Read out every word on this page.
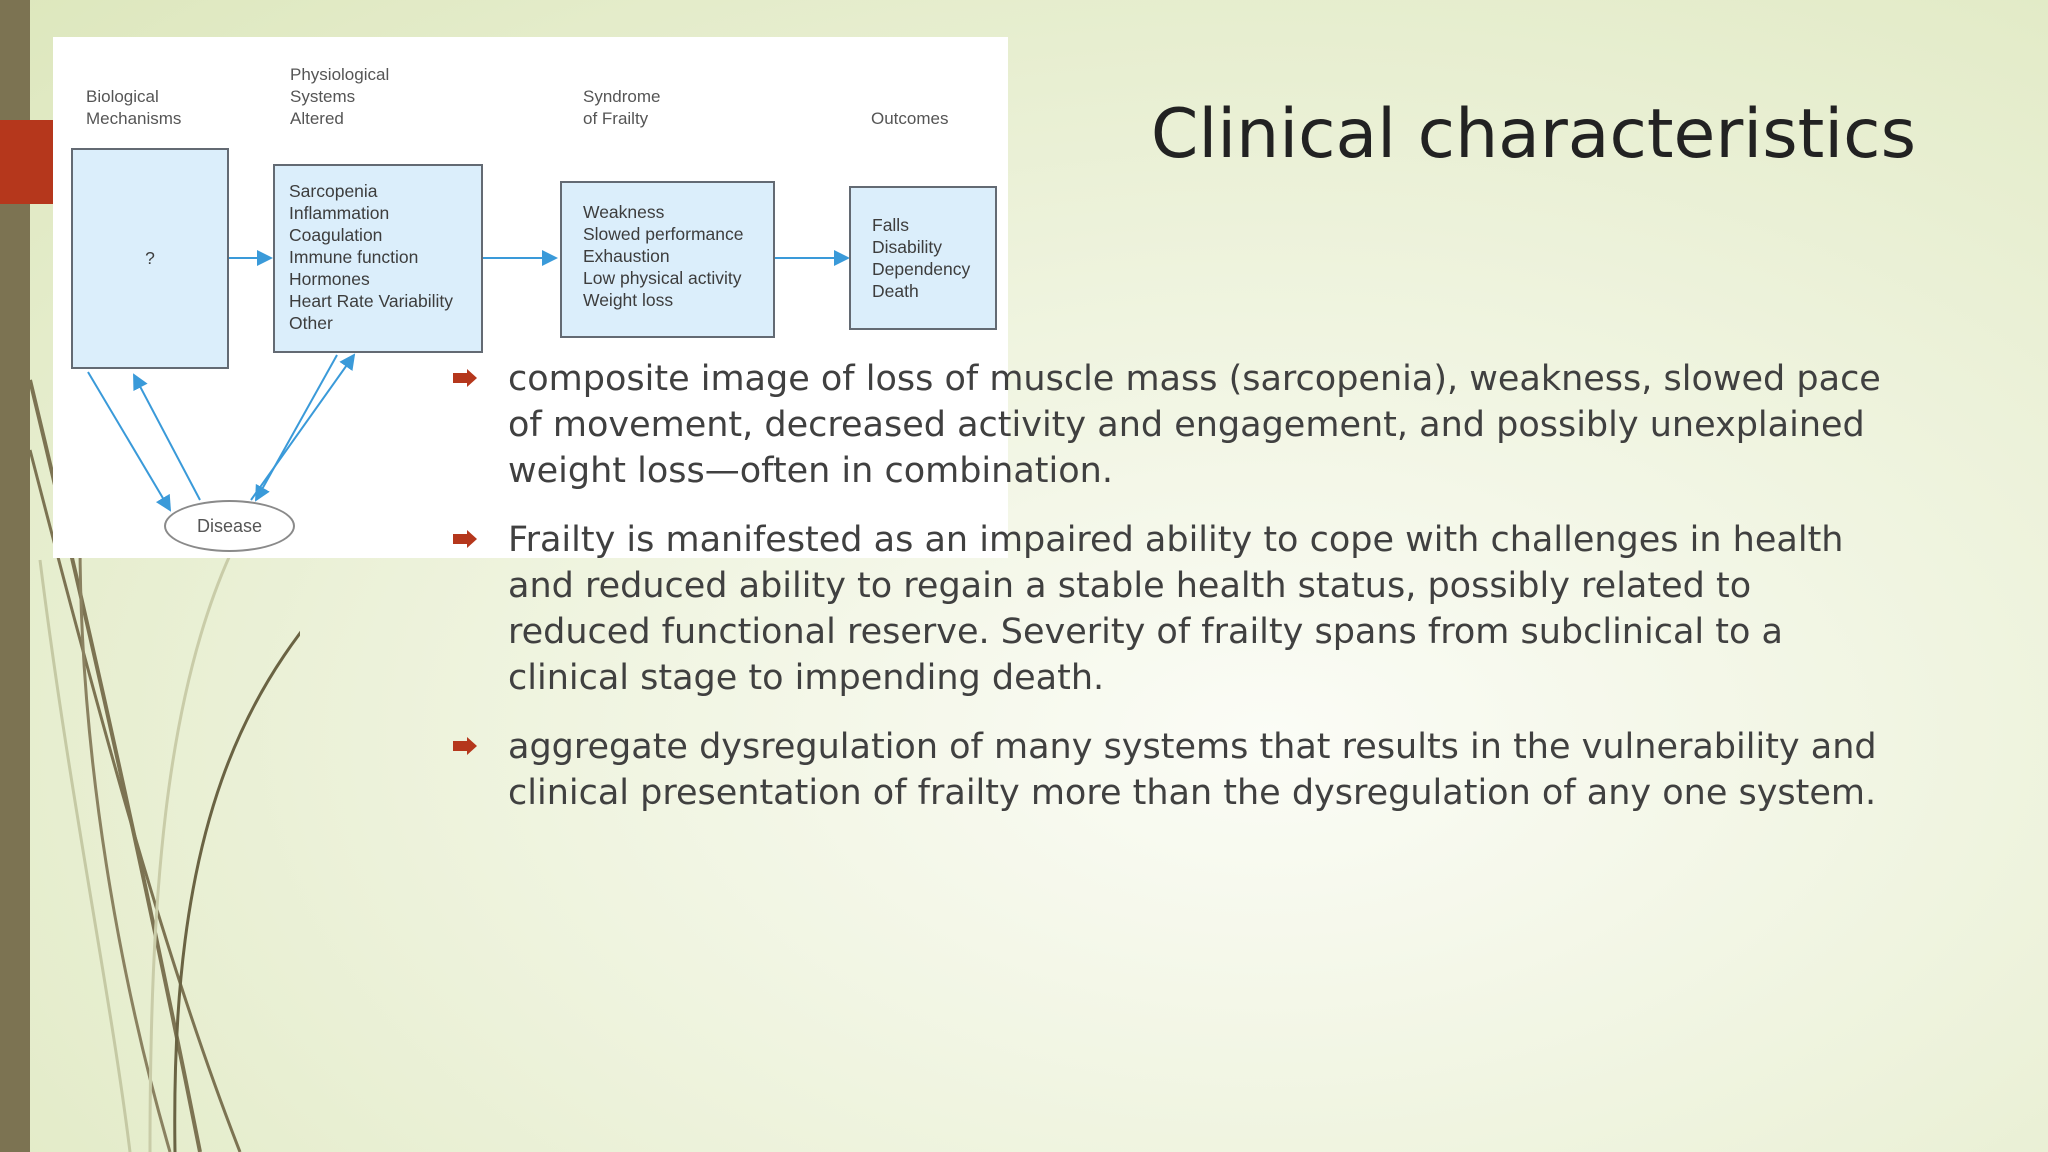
Biological
Mechanisms
Physiological
Systems
Altered
Syndrome
of Frailty	Outcomes
?
Sarcopenia
Inflammation
Coagulation
Immune function
Hormones
Heart Rate Variability
Other
Weakness
Slowed performance
Exhaustion
Low physical activity
Weight loss
Falls
Disability
Dependency
Death
Disease
Clinical characteristics
composite image of loss of muscle mass (sarcopenia), weakness, slowed pace of movement, decreased activity and engagement, and possibly unexplained weight loss—often in combination.
Frailty is manifested as an impaired ability to cope with challenges in health and reduced ability to regain a stable health status, possibly related to reduced functional reserve. Severity of frailty spans from subclinical to a clinical stage to impending death.
aggregate dysregulation of many systems that results in the vulnerability and clinical presentation of frailty more than the dysregulation of any one system.
